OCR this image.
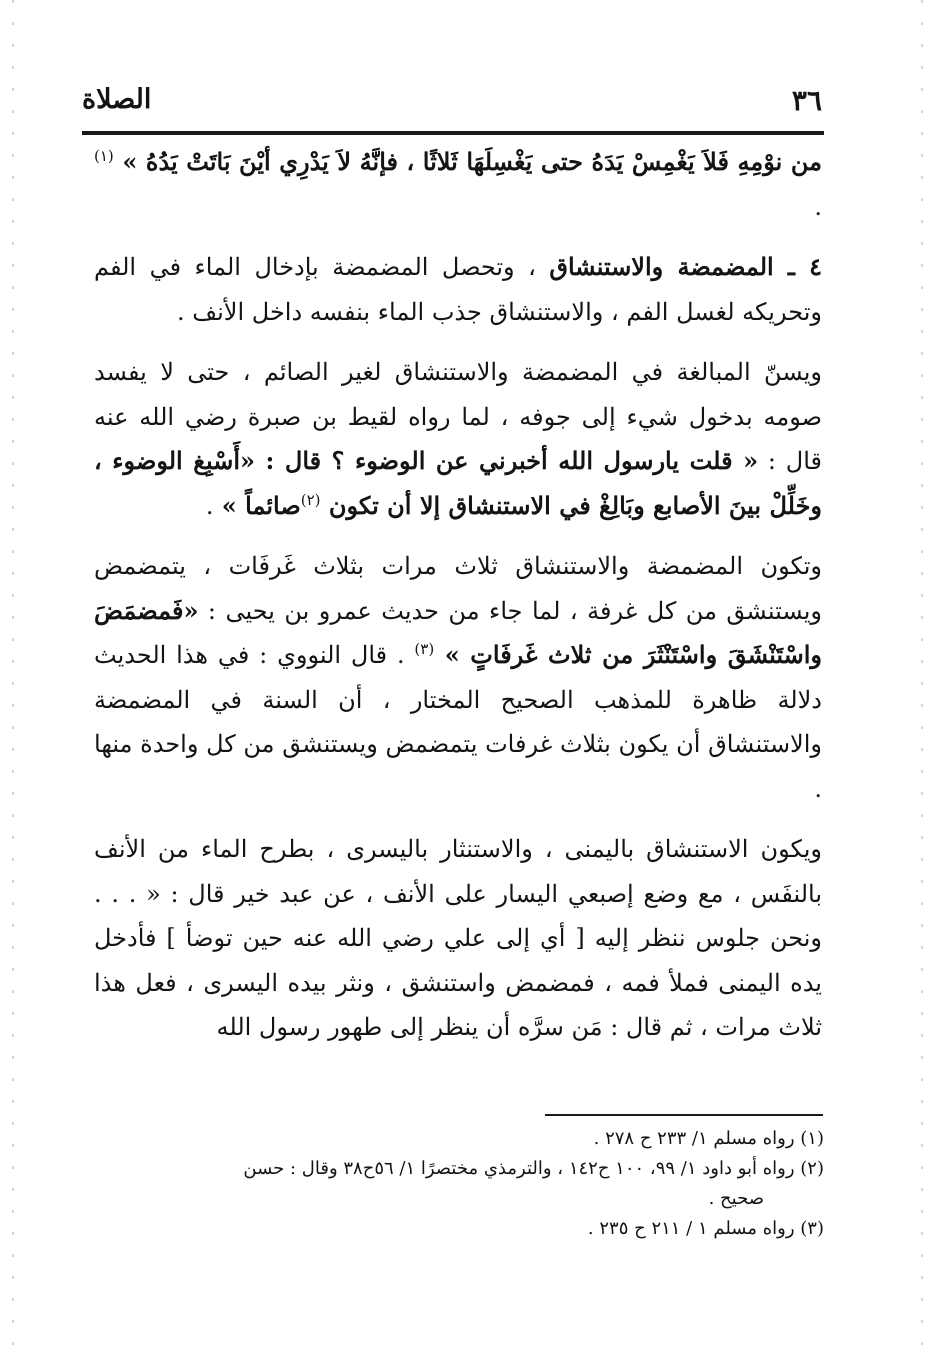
٣٦
الصلاة

من نوْمِهِ فَلاَ يَغْمِسْ يَدَهُ حتى يَغْسِلَهَا ثَلاثًا ، فإنَّهُ لاَ يَدْرِي أيْنَ بَاتَتْ يَدُهُ » $^{(١)}$ .

٤ ـ المضمضة والاستنشاق ، وتحصل المضمضة بإدخال الماء في الفم وتحريكه لغسل الفم ، والاستنشاق جذب الماء بنفسه داخل الأنف .

ويسنّ المبالغة في المضمضة والاستنشاق لغير الصائم ، حتى لا يفسد صومه بدخول شيء إلى جوفه ، لما رواه لقيط بن صبرة رضي الله عنه قال : « قلت يارسول الله أخبرني عن الوضوء ؟ قال : «أَسْبِغ الوضوء ، وخَلِّلْ بينَ الأصابع وبَالِغْ في الاستنشاق إلا أن تكون $^{(٢)}$صائماً » .

وتكون المضمضة والاستنشاق ثلاث مرات بثلاث غَرفَات ، يتمضمض ويستنشق من كل غرفة ، لما جاء من حديث عمرو بن يحيى : «فَمضمَضَ واسْتَنْشَقَ واسْتَنْثَرَ من ثلاث غَرفَاتٍ » $^{(٣)}$ . قال النووي : في هذا الحديث دلالة ظاهرة للمذهب الصحيح المختار ، أن السنة في المضمضة والاستنشاق أن يكون بثلاث غرفات يتمضمض ويستنشق من كل واحدة منها .

ويكون الاستنشاق باليمنى ، والاستنثار باليسرى ، بطرح الماء من الأنف بالنفَس ، مع وضع إصبعي اليسار على الأنف ، عن عبد خير قال : « . . . ونحن جلوس ننظر إليه [ أي إلى علي رضي الله عنه حين توضأ ] فأدخل يده اليمنى فملأ فمه ، فمضمض واستنشق ، ونثر بيده اليسرى ، فعل هذا ثلاث مرات ، ثم قال : مَن سرَّه أن ينظر إلى طهور رسول الله

(١) رواه مسلم ١/ ٢٣٣ ح ٢٧٨ .
(٢) رواه أبو داود ١/ ٩٩، ١٠٠ ح١٤٢ ، والترمذي مختصرًا ١/ ٥٦ح٣٨ وقال : حسن
صحيح .
(٣) رواه مسلم ١ / ٢١١ ح ٢٣٥ .
